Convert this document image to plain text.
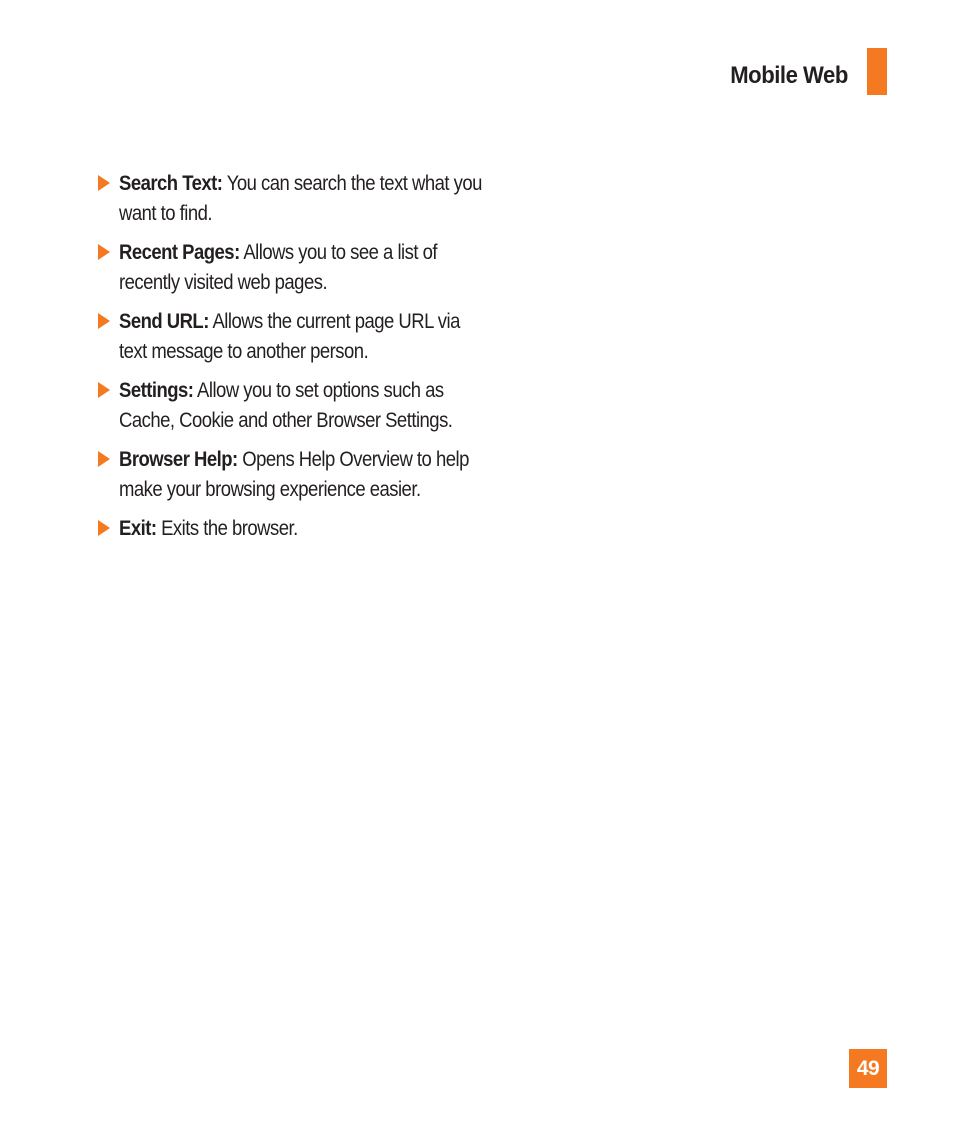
Mobile Web
Search Text: You can search the text what you want to find.
Recent Pages: Allows you to see a list of recently visited web pages.
Send URL: Allows the current page URL via text message to another person.
Settings: Allow you to set options such as Cache, Cookie and other Browser Settings.
Browser Help: Opens Help Overview to help make your browsing experience easier.
Exit: Exits the browser.
49
